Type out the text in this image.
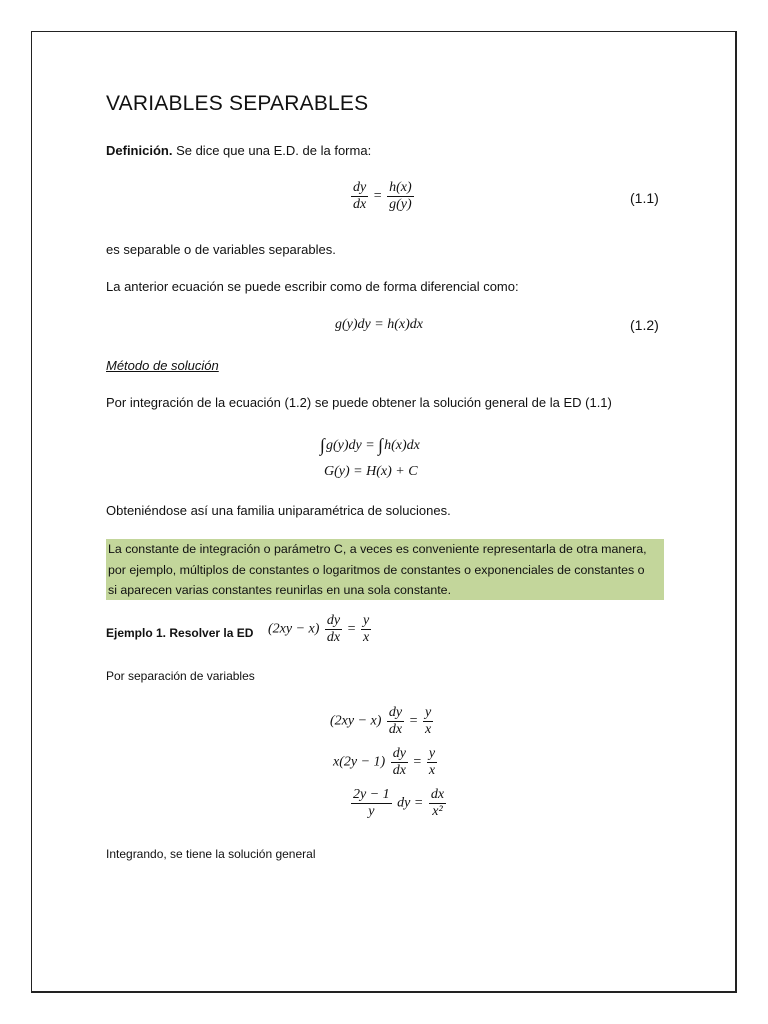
VARIABLES SEPARABLES
Definición. Se dice que una E.D. de la forma:
$\frac{dy}{dx} = \frac{h(x)}{g(y)}$	(1.1)
es separable o de variables separables.
La anterior ecuación se puede escribir como de forma diferencial como:
g(y)dy = h(x)dx	(1.2)
Método de solución
Por integración de la ecuación (1.2) se puede obtener la solución general de la ED (1.1)
∫g(y)dy = ∫h(x)dx
G(y) = H(x) + C
Obteniéndose así una familia uniparamétrica de soluciones.

La constante de integración o parámetro C, a veces es conveniente representarla de otra manera,

por ejemplo, múltiplos de constantes o logaritmos de constantes o exponenciales de constantes o

si aparecen varias constantes reunirlas en una sola constante.

Ejemplo 1. Resolver la ED $(2xy - x) \frac{dy}{dx} = \frac{y}{x}$
Por separación de variables
$(2xy - x) \frac{dy}{dx} = \frac{y}{x}$
$x(2y - 1) \frac{dy}{dx} = \frac{y}{x}$
$\frac{2y - 1}{y}$ dy = $\frac{dx}{\text{x²}}$
Integrando, se tiene la solución general
